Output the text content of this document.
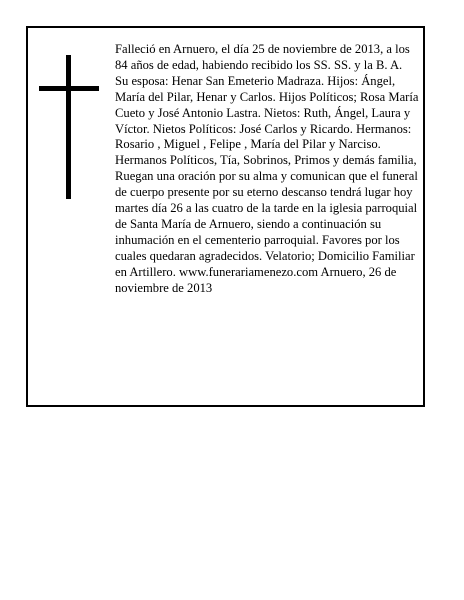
Falleció en Arnuero, el día 25 de noviembre de 2013, a los 84 años de edad, habiendo recibido los SS. SS. y la B. A.

Su esposa: Henar San Emeterio Madraza. Hijos: Ángel, María del Pilar, Henar y Carlos. Hijos Políticos; Rosa María Cueto y José Antonio Lastra. Nietos: Ruth, Ángel, Laura y Víctor. Nietos Políticos: José Carlos y Ricardo. Hermanos: Rosario , Miguel , Felipe , María del Pilar y Narciso. Hermanos Políticos, Tía, Sobrinos, Primos y demás familia,

Ruegan una oración por su alma y comunican que el funeral de cuerpo presente por su eterno descanso tendrá lugar hoy martes día 26 a las cuatro de la tarde en la iglesia parroquial de Santa María de Arnuero, siendo a continuación su inhumación en el cementerio parroquial. Favores por los cuales quedaran agradecidos. Velatorio; Domicilio Familiar en Artillero. www.funerariamenezo.com Arnuero, 26 de noviembre de 2013
